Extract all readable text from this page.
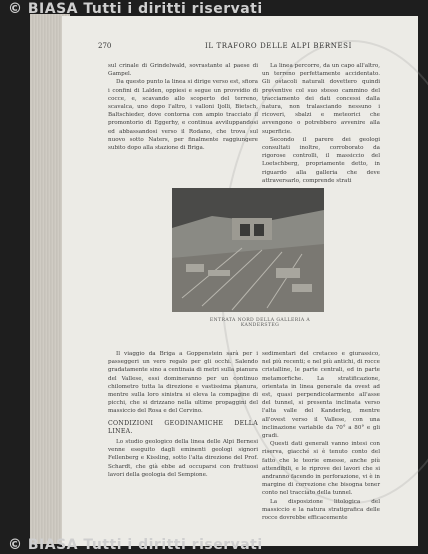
© BIASA Tutti i diritti riservati
270	IL TRAFORO DELLE ALPI BERNESI

sul crinale di Grindelwald, sovrastante al paese di Gampel.

Da questo punto la linea si dirige verso est, sfiora i confini di Lalden, oppiesi e segue un provvidio di cocce, e, scavando allo scoperto del terreno, scavalca, uno dopo l'altro, i valloni Ijolli, Bietsch, Baltschieder, dove contorna con ampio tracciato il promontorio di Eggerhy, e continua avviluppandosi ed abbassandosi verso il Rodano, che trova sul nuovo sotto Naters, per finalmente raggiungere subito dopo alla stazione di Briga.

La linea percorre, da un capo all'altro, un terreno perfettamente accidentato. Gli ostacoli naturali dovettero quindi preventive col suo stesso cammino del tracciamento dei dati concessi dalla natura, non tralasciando nessuno i ricoveri, sbalzi e meteorici che avvengono o potrebbero avvenire alla superficie.

Secondo il parere dei geologi consultati inoltre, corroborato da rigorose controlli, il massiccio del Loetschberg, propriamente detto, in riguardo alla galleria che deve attraversarlo, comprende strati

ENTRATA NORD DELLA GALLERIA A KANDERSTEG

Il viaggio da Briga a Goppenstein sarà per i passeggeri un vero regalo per gli occhi. Salendo gradatamente sino a centinaia di metri sulla pianura del Vallese, essi domineranno per un continuo chilometro tutta la direzione e vastissima pianura, mentre sulla loro sinistra si eleva la compagine di picchi, che si drizzano nella ultime propaggini del massiccio del Rosa e del Cervino.

CONDIZIONI GEODINAMICHE DELLA LINEA.

Lo studio geologico della linea delle Alpi Bernesi venne eseguito dagli eminenti geologi signori Fellenberg e Kissling, sotto l'alta direzione del Prof. Schardt, che già ebbe ad occuparsi con fruttuosi lavori della geologia del Sempione.

sedimentari del cretaceo e giurassico, nel più recenti; e nel più antichi, di rocce cristalline, le parte centrali, ed in parte metamorfiche. La stratificazione, orientata in linea generale da ovest ad est, quasi perpendicolarmente all'asse del tunnel, si presenta inclinata verso l'alta valle del Kanderleg, mentre all'ovest verso il Vallese, con una inclinazione variabile da 70° a 80° e gli gradi.

Questi dati generali vanno intesi con riserva, giacché si è tenuto conto del fatto che le teorie emesse, anche più attendibili, e le riprove dei lavori che si andranno facendo in perforazione, vi è in margine di correzione che bisogna tener conto nel tracciato della tunnel.

La disposizione litologica del massiccio e la natura stratigrafica delle rocce dovrebbe efficacemente

© BIASA Tutti i diritti riservati
